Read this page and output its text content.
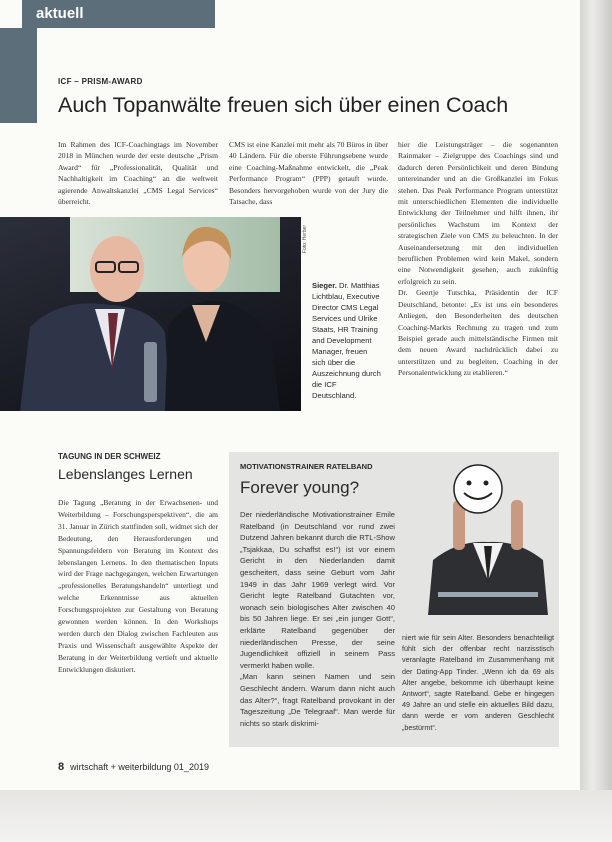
aktuell
ICF – PRISM-AWARD
Auch Topanwälte freuen sich über einen Coach

Im Rahmen des ICF-Coachingtags im November 2018 in München wurde der erste deutsche „Prism Award“ für „Professionalität, Qualität und Nachhaltigkeit im Coaching“ an die weltweit agierende Anwaltskanzlei „CMS Legal Services“ überreicht.

CMS ist eine Kanzlei mit mehr als 70 Büros in über 40 Ländern. Für die oberste Führungsebene wurde eine Coaching-Maßnahme entwickelt, die „Peak Performance Program“ (PPP) getauft wurde. Besonders hervorgehoben wurde von der Jury die Tatsache, dass

hier die Leistungsträger – die sogenannten Rainmaker – Zielgruppe des Coachings sind und dadurch deren Persönlichkeit und deren Bindung untereinander und an die Großkanzlei im Fokus stehen. Das Peak Performance Program unterstützt mit unterschiedlichen Elementen die individuelle Entwicklung der Teilnehmer und hilft ihnen, ihr persönliches Wachstum im Kontext der strategischen Ziele von CMS zu beleuchten. In der Auseinandersetzung mit den individuellen beruflichen Problemen wird kein Makel, sondern eine Notwendigkeit gesehen, auch zukünftig erfolgreich zu sein.

Dr. Geertje Tutschka, Präsidentin der ICF Deutschland, betonte: „Es ist uns ein besonderes Anliegen, den Besonderheiten des deutschen Coaching-Markts Rechnung zu tragen und zum Beispiel gerade auch mittelständische Firmen mit dem neuen Award nachdrücklich dabei zu unterstützen und zu begleiten, Coaching in der Personalentwicklung zu etablieren.“

Foto: Herber
Sieger. Dr. Matthias Lichtblau, Executive Director CMS Legal Services und Ulrike Staats, HR Training and Development Manager, freuen sich über die Auszeichnung durch die ICF Deutschland.
TAGUNG IN DER SCHWEIZ
Lebenslanges Lernen

Die Tagung „Beratung in der Erwachsenen- und Weiterbildung – Forschungsperspektiven“, die am 31. Januar in Zürich stattfinden soll, widmet sich der Bedeutung, den Herausforderungen und Spannungsfeldern von Beratung im Kontext des lebenslangen Lernens. In den thematischen Inputs wird der Frage nachgegangen, welchen Erwartungen „professionelles Beratungshandeln“ unterliegt und welche Erkenntnisse aus aktuellen Forschungsprojekten zur Gestaltung von Beratung gewonnen werden können. In den Workshops werden durch den Dialog zwischen Fachleuten aus Praxis und Wissenschaft ausgewählte Aspekte der Beratung in der Weiterbildung vertieft und aktuelle Entwicklungen diskutiert.

MOTIVATIONSTRAINER RATELBAND
Forever young?

Der niederländische Motivationstrainer Emile Ratelband (in Deutschland vor rund zwei Dutzend Jahren bekannt durch die RTL-Show „Tsjakkaa, Du schaffst es!“) ist vor einem Gericht in den Niederlanden damit gescheitert, dass seine Geburt vom Jahr 1949 in das Jahr 1969 verlegt wird. Vor Gericht legte Ratelband Gutachten vor, wonach sein biologisches Alter zwischen 40 bis 50 Jahren liege. Er sei „ein junger Gott“, erklärte Ratelband gegenüber der niederländischen Presse, der seine Jugendlichkeit offiziell in seinem Pass vermerkt haben wolle.

„Man kann seinen Namen und sein Geschlecht ändern. Warum dann nicht auch das Alter?“, fragt Ratelband provokant in der Tageszeitung „De Telegraaf“. Man werde für nichts so stark diskrimi-

niert wie für sein Alter. Besonders benachteiligt fühlt sich der offenbar recht narzisstisch veranlagte Ratelband im Zusammenhang mit der Dating-App Tinder. „Wenn ich da 69 als Alter angebe, bekomme ich überhaupt keine Antwort“, sagte Ratelband. Gebe er hingegen 49 Jahre an und stelle ein aktuelles Bild dazu, dann werde er vom anderen Geschlecht „bestürmt“.

8 wirtschaft + weiterbildung 01_2019
